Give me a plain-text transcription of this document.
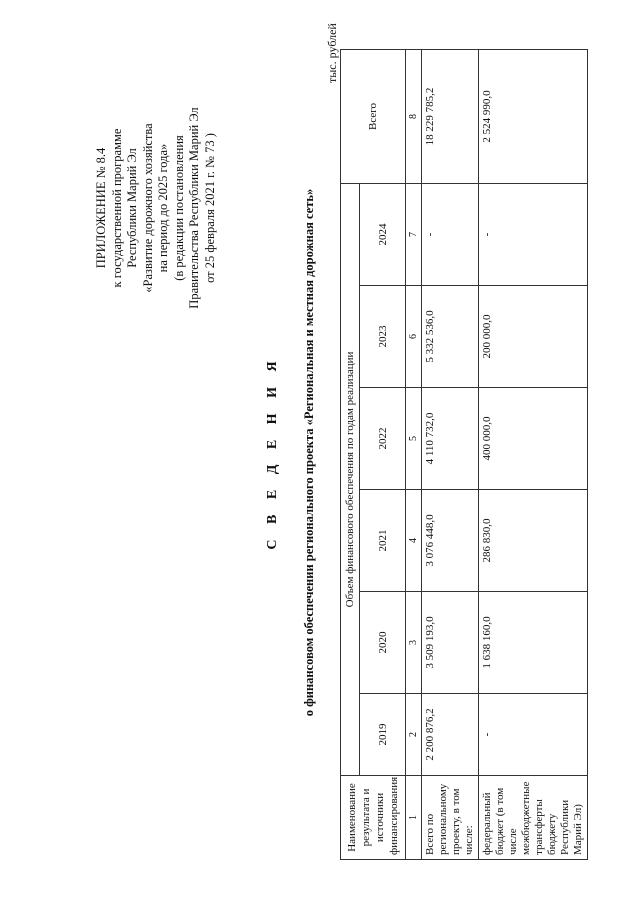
ПРИЛОЖЕНИЕ № 8.4 к государственной программе Республики Марий Эл «Развитие дорожного хозяйства на период до 2025 года» (в редакции постановления Правительства Республики Марий Эл от 25 февраля 2021 г. № 73 )
С В Е Д Е Н И Я о финансовом обеспечении регионального проекта «Региональная и местная дорожная сеть»
тыс. рублей
Наименование результата и источники финансирования	Объем финансового обеспечения по годам реализации						Всего
	2019	2020	2021	2022	2023	2024	
1	2	3	4	5	6	7	8
Всего по региональному проекту, в том числе:	2 200 876,2	3 509 193,0	3 076 448,0	4 110 732,0	5 332 536,0	-	18 229 785,2
федеральный бюджет (в том числе межбюджетные трансферты бюджету Республики Марий Эл)	-	1 638 160,0	286 830,0	400 000,0	200 000,0	-	2 524 990,0
